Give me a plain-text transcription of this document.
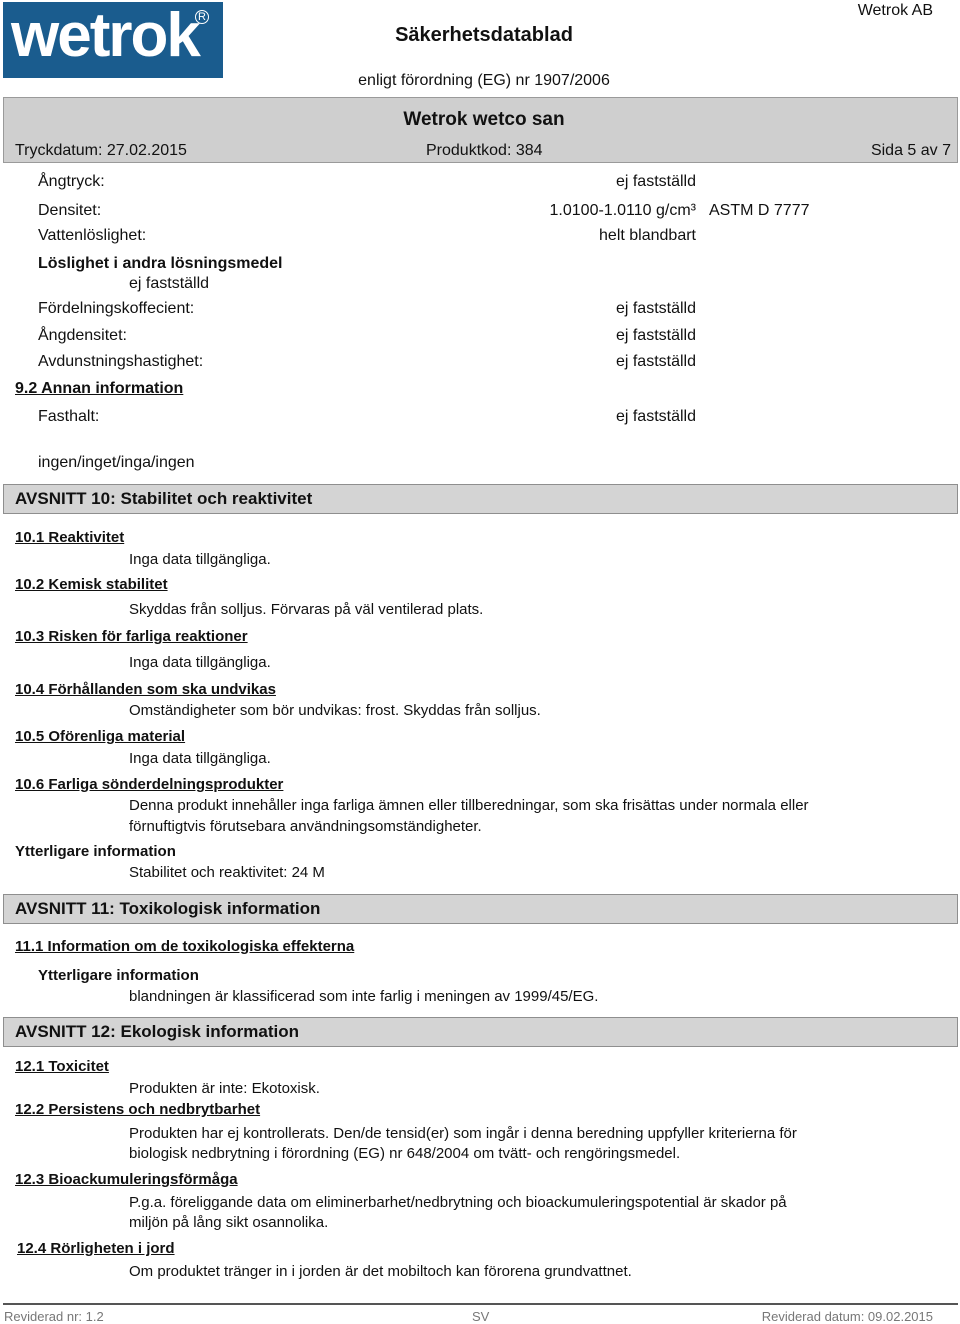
wetrok R
Säkerhetsdatablad
Wetrok AB
enligt förordning (EG) nr 1907/2006
Wetrok wetco san
Tryckdatum: 27.02.2015	Produktkod: 384	Sida 5 av 7
Ångtryck:	ej fastställd
Densitet:	1.0100-1.0110 g/cm³ ASTM D 7777
Vattenlöslighet:	helt blandbart
Löslighet i andra lösningsmedel
ej fastställd
Fördelningskoffecient:	ej fastställd
Ångdensitet:	ej fastställd
Avdunstningshastighet:	ej fastställd
9.2 Annan information
Fasthalt:	ej fastställd
ingen/inget/inga/ingen
AVSNITT 10: Stabilitet och reaktivitet
10.1 Reaktivitet
Inga data tillgängliga.
10.2 Kemisk stabilitet
Skyddas från solljus. Förvaras på väl ventilerad plats.
10.3 Risken för farliga reaktioner
Inga data tillgängliga.
10.4 Förhållanden som ska undvikas
Omständigheter som bör undvikas: frost. Skyddas från solljus.
10.5 Oförenliga material
Inga data tillgängliga.
10.6 Farliga sönderdelningsprodukter
Denna produkt innehåller inga farliga ämnen eller tillberedningar, som ska frisättas under normala eller
förnuftigtvis förutsebara användningsomständigheter.
Ytterligare information
Stabilitet och reaktivitet: 24 M
AVSNITT 11: Toxikologisk information
11.1 Information om de toxikologiska effekterna
Ytterligare information
blandningen är klassificerad som inte farlig i meningen av 1999/45/EG.
AVSNITT 12: Ekologisk information
12.1 Toxicitet
Produkten är inte: Ekotoxisk.
12.2 Persistens och nedbrytbarhet
Produkten har ej kontrollerats. Den/de tensid(er) som ingår i denna beredning uppfyller kriterierna för
biologisk nedbrytning i förordning (EG) nr 648/2004 om tvätt- och rengöringsmedel.
12.3 Bioackumuleringsförmåga
P.g.a. föreliggande data om eliminerbarhet/nedbrytning och bioackumuleringspotential är skador på
miljön på lång sikt osannolika.
12.4 Rörligheten i jord
Om produktet tränger in i jorden är det mobiltoch kan förorena grundvattnet.
Reviderad nr: 1.2	SV	Reviderad datum: 09.02.2015
